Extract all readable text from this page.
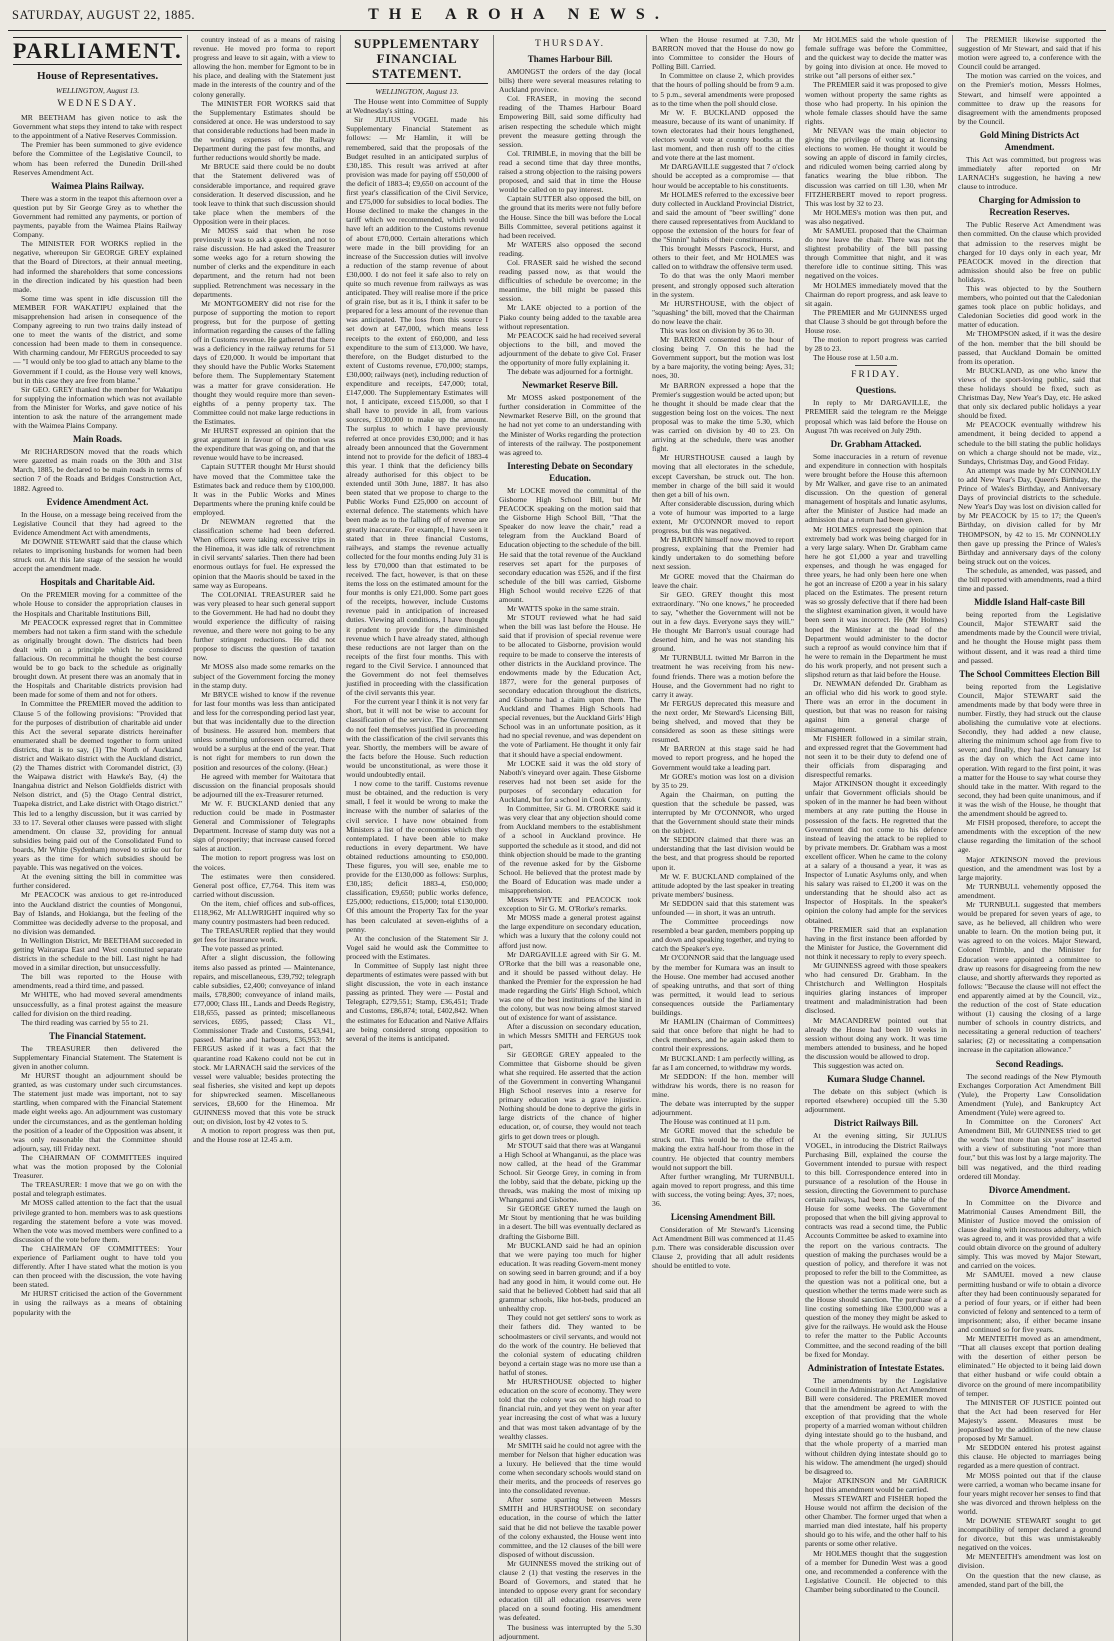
SATURDAY, AUGUST 22, 1885.	THE AROHA NEWS.
PARLIAMENT.
House of Representatives.
WELLINGTON, August 13.
WEDNESDAY.

MR BEETHAM has given notice to ask the Government what steps they intend to take with respect to the appointment of a Native Reserves Commission.

The Premier has been summoned to give evidence before the Committee of the Legislative Council, to whom has been referred the Dunedin Drill-shed Reserves Amendment Act.

Waimea Plains Railway.

There was a storm in the teapot this afternoon over a question put by Sir George Grey as to whether the Government had remitted any payments, or portion of payments, payable from the Waimea Plains Railway Company.

The MINISTER FOR WORKS replied in the negative, whereupon Sir GEORGE GREY explained that the Board of Directors, at their annual meeting, had informed the shareholders that some concessions in the direction indicated by his question had been made.

Some time was spent in idle discussion till the MEMBER FOR WAKATIPU explained that the misapprehension had arisen in consequence of the Company agreeing to run two trains daily instead of one to meet the wants of the district, and some concession had been made to them in consequence. With charming candour, Mr FERGUS proceeded to say — "I would only be too glad to attach any blame to the Government if I could, as the House very well knows, but in this case they are free from blame."

Sir GEO. GREY thanked the member for Wakatipu for supplying the information which was not available from the Minister for Works, and gave notice of his intention to ask the nature of the arrangement made with the Waimea Plains Company.

Main Roads.

Mr RICHARDSON moved that the roads which were gazetted as main roads on the 30th and 31st March, 1885, be declared to be main roads in terms of section 7 of the Roads and Bridges Construction Act, 1882. Agreed to.

Evidence Amendment Act.

In the House, on a message being received from the Legislative Council that they had agreed to the Evidence Amendment Act with amendments,

Mr DOWNIE STEWART said that the clause which relates to imprisoning husbands for women had been struck out. At this late stage of the session he would accept the amendment made.

Hospitals and Charitable Aid.

On the PREMIER moving for a committee of the whole House to consider the appropriation clauses in the Hospitals and Charitable Institutions Bill,

Mr PEACOCK expressed regret that in Committee members had not taken a firm stand with the schedule as originally brought down. The districts had been dealt with on a principle which he considered fallacious. On recommittal he thought the best course would be to go back to the schedule as originally brought down. At present there was an anomaly that in the Hospitals and Charitable districts provision had been made for some of them and not for others.

In Committee the PREMIER moved the addition to Clause 5 of the following provisions: "Provided that for the purposes of distribution of charitable aid under this Act the several separate districts hereinafter enumerated shall be deemed together to form united districts, that is to say, (1) The North of Auckland district and Waikato district with the Auckland district, (2) the Thames district with Coromandel district, (3) the Waipawa district with Hawke's Bay, (4) the Inangahua district and Nelson Goldfields district with Nelson district, and (5) the Otago Central district, Tuapeka district, and Lake district with Otago district." This led to a lengthy discussion, but it was carried by 33 to 17. Several other clauses were passed with slight amendment. On clause 32, providing for annual subsidies being paid out of the Consolidated Fund to boards, Mr White (Sydenham) moved to strike out for years as the time for which subsidies should be payable. This was negatived on the voices.

At the evening sitting the bill in committee was further considered.

Mr PEACOCK was anxious to get re-introduced into the Auckland district the counties of Mongonui, Bay of Islands, and Hokianga, but the feeling of the Committee was decidedly adverse to the proposal, and no division was demanded.

In Wellington District, Mr BEETHAM succeeded in getting Wairarapa East and West constituted separate districts in the schedule to the bill. Last night he had moved in a similar direction, but unsuccessfully.

The bill was reported to the House with amendments, read a third time, and passed.

Mr WHITE, who had moved several amendments unsuccessfully, as a final protest against the measure called for division on the third reading.

The third reading was carried by 55 to 21.

The Financial Statement.

The TREASURER then delivered the Supplementary Financial Statement. The Statement is given in another column.

Mr HURST thought an adjournment should be granted, as was customary under such circumstances. The statement just made was important, not to say startling, when compared with the Financial Statement made eight weeks ago. An adjournment was customary under the circumstances, and as the gentleman holding the position of a leader of the Opposition was absent, it was only reasonable that the Committee should adjourn, say, till Friday next.

The CHAIRMAN OF COMMITTEES inquired what was the motion proposed by the Colonial Treasurer.

The TREASURER: I move that we go on with the postal and telegraph estimates.

Mr MOSS called attention to the fact that the usual privilege granted to hon. members was to ask questions regarding the statement before a vote was moved. When the vote was moved members were confined to a discussion of the vote before them.

The CHAIRMAN OF COMMITTEES: Your experience of Parliament ought to have told you differently. After I have stated what the motion is you can then proceed with the discussion, the vote having been stated.

Mr HURST criticised the action of the Government in using the railways as a means of obtaining popularity with the

country instead of as a means of raising revenue. He moved pro forma to report progress and leave to sit again, with a view to allowing the hon. member for Egmont to be in his place, and dealing with the Statement just made in the interests of the country and of the colony generally.

The MINISTER FOR WORKS said that the Supplementary Estimates should be considered at once. He was understood to say that considerable reductions had been made in the working expenses of the Railway Department during the past few months, and further reductions would shortly be made.

Mr BRUCE said there could be no doubt that the Statement delivered was of considerable importance, and required grave consideration. It deserved discussion, and he took leave to think that such discussion should take place when the members of the Opposition were in their places.

Mr MOSS said that when he rose previously it was to ask a question, and not to raise discussion. He had asked the Treasurer some weeks ago for a return showing the number of clerks and the expenditure in each department, and the return had not been supplied. Retrenchment was necessary in the departments.

Mr MONTGOMERY did not rise for the purpose of supporting the motion to report progress, but for the purpose of getting information regarding the causes of the falling off in Customs revenue. He gathered that there was a deficiency in the railway returns for 51 days of £20,000. It would be important that they should have the Public Works Statement before them. The Supplementary Statement was a matter for grave consideration. He thought they would require more than seven-eighths of a penny property tax. The Committee could not make large reductions in the Estimates.

Mr HURST expressed an opinion that the great argument in favour of the motion was the expenditure that was going on, and that the revenue would have to be increased.

Captain SUTTER thought Mr Hurst should have moved that the Committee take the Estimates back and reduce them by £100,000. It was in the Public Works and Mines Departments where the pruning knife could be employed.

Dr NEWMAN regretted that the classification scheme had been deferred. When officers were taking excessive trips in the Hinemoa, it was idle talk of retrenchment in civil servants' salaries. Then there had been enormous outlays for fuel. He expressed the opinion that the Maoris should be taxed in the same way as Europeans.

The COLONIAL TREASURER said he was very pleased to hear such general support to the Government. He had had no doubt they would experience the difficulty of raising revenue, and there were not going to be any further stringent reductions. He did not propose to discuss the question of taxation now.

Mr MOSS also made some remarks on the subject of the Government forcing the money in the stamp duty.

Mr BRYCE wished to know if the revenue for last four months was less than anticipated and less for the corresponding period last year, but that was incidentally due to the direction of business. He assured hon. members that unless something unforeseen occurred, there would be a surplus at the end of the year. That is not right for members to run down the position and resources of the colony. (Hear.)

He agreed with member for Waitotara that discussion on the financial proposals should be adjourned till the ex-Treasurer returned.

Mr W. F. BUCKLAND denied that any reduction could be made in Postmaster General and Commissioner of Telegraphs Department. Increase of stamp duty was not a sign of prosperity; that increase caused forced sales at auction.

The motion to report progress was lost on the voices.

The estimates were then considered. General post office, £7,764. This item was carried without discussion.

On the item, chief offices and sub-offices, £118,962, Mr ALLWRIGHT inquired why so many country postmasters had been reduced.

The TREASURER replied that they would get fees for insurance work.

The vote passed as printed.

After a slight discussion, the following items also passed as printed — Maintenance, repairs, and miscellaneous, £39,792; telegraph cable subsidies, £2,400; conveyance of inland mails, £78,800; conveyance of inland mails, £77,000; Class III., Lands and Deeds Registry, £18,655, passed as printed; miscellaneous services, £695, passed; Class VI., Commissioner Trade and Customs, £43,941, passed. Marine and harbours, £36,953: Mr FERGUS asked if it was a fact that the quarantine road Kakeno could not be cut in stock. Mr LARNACH said the services of the vessel were valuable; besides protecting the seal fisheries, she visited and kept up depots for shipwrecked seamen. Miscellaneous services, £8,600 for the Hinemoa. Mr GUINNESS moved that this vote be struck out; on division, lost by 42 votes to 5.

A motion to report progress was then put, and the House rose at 12.45 a.m.

SUPPLEMENTARY FINANCIAL STATEMENT.
WELLINGTON, August 13.

The House went into Committee of Supply at Wednesday's sitting.

Sir JULIUS VOGEL made his Supplementary Financial Statement as follows: — Mr Hamlin, it will be remembered, said that the proposals of the Budget resulted in an anticipated surplus of £30,185. This result was arrived at after provision was made for paying off £50,000 of the deficit of 1883-4; £9,650 on account of the first year's classification of the Civil Service, and £75,000 for subsidies to local bodies. The House declined to make the changes in the tariff which we recommended, which would have left an addition to the Customs revenue of about £70,000. Certain alterations which were made in the bill providing for an increase of the Succession duties will involve a reduction of the stamp revenue of about £30,000. I do not feel it safe also to rely on quite so much revenue from railways as was anticipated. They will realise more if the price of grain rise, but as it is, I think it safer to be prepared for a less amount of the revenue than was anticipated. The loss from this source I set down at £47,000, which means less receipts to the extent of £60,000, and less expenditure to the sum of £13,000. We have, therefore, on the Budget disturbed to the extent of Customs revenue, £70,000; stamps, £30,000; railways (net), including reduction of expenditure and receipts, £47,000; total, £147,000. The Supplementary Estimates will not, I anticipate, exceed £15,000, so that I shall have to provide in all, from various sources, £130,000 to make up the amount. The surplus to which I have previously referred at once provides £30,000; and it has already been announced that the Government intend not to provide for the deficit of 1883-4 this year. I think that the deficiency bills already authorised for this object to be extended until 30th June, 1887. It has also been stated that we propose to charge to the Public Works Fund £25,000 on account of external defence. The statements which have been made as to the falling off of revenue are greatly inaccurate. For example, I have seen it stated that in three financial Customs, railways, and stamps the revenue actually collected for the four months ending July 31 is less by £70,000 than that estimated to be received. The fact, however, is that on these items the loss on the estimated amount for the four months is only £21,000. Some part goes of the receipts, however, include Customs revenue paid in anticipation of increased duties. Viewing all conditions, I have thought it prudent to provide for the diminished revenue which I have already stated, although these reductions are not larger than on the receipts of the first four months. This with regard to the Civil Service. I announced that the Government do not feel themselves justified in proceeding with the classification of the civil servants this year.

For the current year I think it is not very far short, but it will not be wise to account for classification of the service. The Government do not feel themselves justified in proceeding with the classification of the civil servants this year. Shortly, the members will be aware of the facts before the House. Such reduction would be unconstitutional, as were those it would undoubtedly entail.

I now come to the tariff. Customs revenue must be obtained, and the reduction is very small, I feel it would be wrong to make the increase with the number of salaries of the civil service. I have now obtained from Ministers a list of the economies which they contemplated. I have been able to make reductions in every department. We have obtained reductions amounting to £50,000. These figures, you will see, enable me to provide for the £130,000 as follows: Surplus, £30,185; deficit 1883-4, £50,000; classification, £9,650; public works defence, £25,000; reductions, £15,000; total £130,000. Of this amount the Property Tax for the year has been calculated at seven-eighths of a penny.

At the conclusion of the Statement Sir J. Vogel said he would ask the Committee to proceed with the Estimates.

In Committee of Supply last night three departments of estimates were passed with but slight discussion, the vote in each instance passing as printed. They were — Postal and Telegraph, £279,551; Stamp, £36,451; Trade and Customs, £86,874; total, £402,842. When the estimates for Education and Native Affairs are being considered strong opposition to several of the items is anticipated.

THURSDAY.
Thames Harbour Bill.

AMONGST the orders of the day (local bills) there were several measures relating to Auckland province.

Col. FRASER, in moving the second reading of the Thames Harbour Board Empowering Bill, said some difficulty had arisen respecting the schedule which might prevent the measure getting through the session.

Col. TRIMBLE, in moving that the bill be read a second time that day three months, raised a strong objection to the raising powers proposed, and said that in time the House would be called on to pay interest.

Captain SUTTER also opposed the bill, on the ground that its merits were not fully before the House. Since the bill was before the Local Bills Committee, several petitions against it had been received.

Mr WATERS also opposed the second reading.

Col. FRASER said he wished the second reading passed now, as that would the difficulties of schedule be overcome; in the meantime, the bill might be passed this session.

Mr LAKE objected to a portion of the Piako county being added to the taxable area without representation.

Mr PEACOCK said he had received several objections to the bill, and moved the adjournment of the debate to give Col. Fraser the opportunity of more fully explaining it.

The debate was adjourned for a fortnight.

Newmarket Reserve Bill.

Mr MOSS asked postponement of the further consideration in Committee of the Newmarket Reserve Bill, on the ground that he had not yet come to an understanding with the Minister of Works regarding the protection of interests of the railway. The postponement was agreed to.

Interesting Debate on Secondary Education.

Mr LOCKE moved the committal of the Gisborne High School Bill, but Mr PEACOCK speaking on the motion said that the Gisborne High School Bill, "That the Speaker do now leave the chair," read a telegram from the Auckland Board of Education objecting to the schedule of the bill. He said that the total revenue of the Auckland reserves set apart for the purposes of secondary education was £526, and if the first schedule of the bill was carried, Gisborne High School would receive £226 of that amount.

Mr WATTS spoke in the same strain.

Mr STOUT reviewed what he had said when the bill was last before the House. He said that if provision of special revenue were to be allocated to Gisborne, provision would require to be made to conserve the interests of other districts in the Auckland province. The endowments made by the Education Act, 1877, were for the general purposes of secondary education throughout the districts, and Gisborne had a claim upon them. The Auckland and Thames High Schools had special revenues, but the Auckland Girls' High School was in an unfortunate position, as it had no special revenue, and was dependent on the vote of Parliament. He thought it only fair that it should have a special endowment.

Mr LOCKE said it was the old story of Naboth's vineyard over again. These Gisborne reserves had not been set aside for the purposes of secondary education for Auckland, but for a school in Cook County.

In Committee, Sir G. M. O'RORKE said it was very clear that any objection should come from Auckland members to the establishment of a school in Auckland province. He supported the schedule as it stood, and did not think objection should be made to the granting of the revenue asked for by the Gisborne School. He believed that the protest made by the Board of Education was made under a misapprehension.

Messrs WHYTE and PEACOCK took exception to Sir G. M. O'Rorke's remarks.

Mr MOSS made a general protest against the large expenditure on secondary education, which was a luxury that the colony could not afford just now.

Mr DARGAVILLE agreed with Sir G. M. O'Rorke that the bill was a reasonable one, and it should be passed without delay. He thanked the Premier for the expression he had made regarding the Girls' High School, which was one of the best institutions of the kind in the colony, but was now being almost starved out of existence for want of assistance.

After a discussion on secondary education, in which Messrs SMITH and FERGUS took part,

Sir GEORGE GREY appealed to the Committee that Gisborne should be given what she required. He asserted that the action of the Government in converting Whanganui High School reserves into a reserve for primary education was a grave injustice. Nothing should be done to deprive the girls in large districts of the chance of higher education, or, of course, they would not teach girls to get down trees or plough.

Mr STOUT said that there was at Wanganui a High School at Whanganui, as the place was now called, at the head of the Grammar School. Sir George Grey, in coming in from the lobby, said that the debate, picking up the threads, was making the most of mixing up Whanganui and Gisborne.

Sir GEORGE GREY turned the laugh on Mr Stout by mentioning that he was building in a desert. The bill was eventually declared as drafting the Gisborne Bill.

Mr BUCKLAND said he had an opinion that we were paying too much for higher education. It was reading Govern-ment money on sowing seed in barren ground; and if a boy had any good in him, it would come out. He said that he believed Cobbett had said that all grammar schools, like hot-beds, produced an unhealthy crop.

They could not get settlers' sons to work as their fathers did. They wanted to be schoolmasters or civil servants, and would not do the work of the country. He believed that the colonial system of educating children beyond a certain stage was no more use than a hatful of stones.

Mr HURSTHOUSE objected to higher education on the score of economy. They were told that the colony was on the high road to financial ruin, and yet they went on year after year increasing the cost of what was a luxury and that was most taken advantage of by the wealthy classes.

Mr SMITH said he could not agree with the member for Nelson that higher education was a luxury. He believed that the time would come when secondary schools would stand on their merits, and the proceeds of reserves go into the consolidated revenue.

After some sparring between Messrs SMITH and HURSTHOUSE on secondary education, in the course of which the latter said that he did not believe the taxable power of the colony exhausted, the House went into committee, and the 12 clauses of the bill were disposed of without discussion.

Mr GUINNESS moved the striking out of clause 2 (1) that vesting the reserves in the Board of Governors, and stated that he intended to oppose every grant for secondary education till all education reserves were placed on a sound footing. His amendment was defeated.

The business was interrupted by the 5.30 adjournment.

When the House resumed at 7.30, Mr BARRON moved that the House do now go into Committee to consider the Hours of Polling Bill. Carried.

In Committee on clause 2, which provides that the hours of polling should be from 9 a.m. to 5 p.m., several amendments were proposed as to the time when the poll should close.

Mr W. F. BUCKLAND opposed the measure, because of its want of unanimity. If town electorates had their hours lengthened, electors would vote at country booths at the last moment, and then rush off to the cities and vote there at the last moment.

Mr DARGAVILLE suggested that 7 o'clock should be accepted as a compromise — that hour would be acceptable to his constituents.

Mr HOLMES referred to the excessive beer duty collected in Auckland Provincial District, and said the amount of "beer swilling" done there caused representatives from Auckland to oppose the extension of the hours for fear of the "Sinnin" habits of their constituents.

This brought Messrs Pascock, Hurst, and others to their feet, and Mr HOLMES was called on to withdraw the offensive term used.

To do that was the only Maori member present, and strongly opposed such alteration in the system.

Mr HURSTHOUSE, with the object of "squashing" the bill, moved that the Chairman do now leave the chair.

This was lost on division by 36 to 30.

Mr BARRON consented to the hour of closing being 7. On this he had the Government support, but the motion was lost by a bare majority, the voting being: Ayes, 31; noes, 30.

Mr BARRON expressed a hope that the Premier's suggestion would be acted upon; but he thought it should be made clear that the suggestion being lost on the voices. The next proposal was to make the time 5.30, which was carried on division by 40 to 23. On arriving at the schedule, there was another fight.

Mr HURSTHOUSE caused a laugh by moving that all electorates in the schedule, except Cavershan, be struck out. The hon. member in charge of the bill said it would then get a bill of his own.

After considerable discussion, during which a vote of humour was imported to a large extent, Mr O'CONNOR moved to report progress, but this was negatived.

Mr BARRON himself now moved to report progress, explaining that the Premier had kindly undertaken to do something before next session.

Mr GORE moved that the Chairman do leave the chair.

Sir GEO. GREY thought this most extraordinary. "No one knows," he proceeded to say, "whether the Government will not be out in a few days. Everyone says they will." He thought Mr Barron's usual courage had deserted him, and he was not standing his ground.

Mr TURNBULL twitted Mr Barron in the treatment he was receiving from his new-found friends. There was a motion before the House, and the Government had no right to carry it away.

Mr FERGUS deprecated this measure and the next order, Mr Steward's Licensing Bill, being shelved, and moved that they be considered as soon as these sittings were resumed.

Mr BARRON at this stage said he had moved to report progress, and he hoped the Government would take a leading part.

Mr GORE's motion was lost on a division by 35 to 29.

Again the Chairman, on putting the question that the schedule be passed, was interrupted by Mr O'CONNOR, who urged that the Government should state their minds on the subject.

Mr SEDDON claimed that there was an understanding that the last division would be the best, and that progress should be reported upon it.

Mr W. F. BUCKLAND complained of the attitude adopted by the last speaker in treating private members' business.

Mr SEDDON said that this statement was unfounded — in short, it was an untruth.

The Committee proceedings now resembled a bear garden, members popping up and down and speaking together, and trying to catch the Speaker's eye.

Mr O'CONNOR said that the language used by the member for Kumara was an insult to the House. One member had accused another of speaking untruths, and that sort of thing was permitted, it would lead to serious consequences outside the Parliamentary buildings.

Mr HAMLIN (Chairman of Committees) said that once before that night he had to check members, and he again asked them to control their expressions.

Mr BUCKLAND: I am perfectly willing, as far as I am concerned, to withdraw my words.

Mr SEDDON: If the hon. member will withdraw his words, there is no reason for mine.

The debate was interrupted by the supper adjournment.

The House was continued at 11 p.m.

Mr GORE moved that the schedule be struck out. This would be to the effect of making the extra half-hour from those in the country. He objected that country members would not support the bill.

After further wrangling, Mr TURNBULL again moved to report progress, and this time with success, the voting being: Ayes, 37; noes, 36.

Licensing Amendment Bill.

Consideration of Mr Steward's Licensing Act Amendment Bill was commenced at 11.45 p.m. There was considerable discussion over Clause 2, providing that all adult residents should be entitled to vote.

Mr HOLMES said the whole question of female suffrage was before the Committee, and the quickest way to decide the matter was by going into division at once. He moved to strike out "all persons of either sex."

The PREMIER said it was proposed to give women without property the same rights as those who had property. In his opinion the whole female classes should have the same rights.

Mr NEVAN was the main objector to giving the privilege of voting at licensing elections to women. He thought it would be sowing an apple of discord in family circles, and ridiculed women being carried along by fanatics wearing the blue ribbon. The discussion was carried on till 1.30, when Mr FITZHERBERT moved to report progress. This was lost by 32 to 23.

Mr HOLMES's motion was then put, and was also negatived.

Mr SAMUEL proposed that the Chairman do now leave the chair. There was not the slightest probability of the bill passing through Committee that night, and it was therefore idle to continue sitting. This was negatived on the voices.

Mr HOLMES immediately moved that the Chairman do report progress, and ask leave to sit again.

The PREMIER and Mr GUINNESS urged that Clause 3 should be got through before the House rose.

The motion to report progress was carried by 28 to 23.

The House rose at 1.50 a.m.

FRIDAY.
Questions.

In reply to Mr DARGAVILLE, the PREMIER said the telegram re the Meigge proposal which was laid before the House on August 7th was received on July 29th.

Dr. Grabham Attacked.

Some inaccuracies in a return of revenue and expenditure in connection with hospitals were brought before the House this afternoon by Mr Walker, and gave rise to an animated discussion. On the question of general management of hospitals and lunatic asylums, after the Minister of Justice had made an admission that a return had been given.

Mr HOLMES expressed the opinion that extremely bad work was being charged for in a very large salary. When Dr. Grabham came here he got £1,000 a year and travelling expenses, and though he was engaged for three years, he had only been here one when he got an increase of £200 a year in his salary placed on the Estimates. The present return was so grossly defective that if there had been the slightest examination given, it would have been seen it was incorrect. He (Mr Holmes) hoped the Minister at the head of the Department would administer to the doctor such a reproof as would convince him that if he were to remain in the Department he must do his work properly, and not present such a slipshod return as that laid before the House.

Dr. NEWMAN defended Dr. Grabham as an official who did his work to good style. There was an error in the document in question, but that was no reason for raising against him a general charge of mismanagement.

Mr FISHER followed in a similar strain, and expressed regret that the Government had not seen it to be their duty to defend one of their officials from disparaging and disrespectful remarks.

Major ATKINSON thought it exceedingly unfair that Government officials should be spoken of in the manner he had been without members at any rate putting the House in possession of the facts. He regretted that the Government did not come to his defence instead of leaving the attack to be replied to by private members. Dr. Grabham was a most excellent officer. When he came to the colony at a salary of a thousand a year, it was as Inspector of Lunatic Asylums only, and when his salary was raised to £1,200 it was on the understanding that he should also act as Inspector of Hospitals. In the speaker's opinion the colony had ample for the services obtained.

The PREMIER said that an explanation having in the first instance been afforded by the Minister for Justice, the Government did not think it necessary to reply to every speech.

Mr GUINNESS agreed with those speakers who had censured Dr. Grabham. In the Christchurch and Wellington Hospitals inquiries glaring instances of improper treatment and maladministration had been disclosed.

Mr MACANDREW pointed out that already the House had been 10 weeks in session without doing any work. It was time members attended to business, and he hoped the discussion would be allowed to drop.

This suggestion was acted on.

Kumara Sludge Channel.

The debate on this subject (which is reported elsewhere) occupied till the 5.30 adjournment.

District Railways Bill.

At the evening sitting, Sir JULIUS VOGEL, in introducing the District Railways Purchasing Bill, explained the course the Government intended to pursue with respect to this bill. Correspondence entered into in pursuance of a resolution of the House in session, directing the Government to purchase certain railways, had been on the table of the House for some weeks. The Government proposed that when the bill giving approval to contracts was read a second time, the Public Accounts Committee be asked to examine into the report on the various contracts. The question of making the purchases would be a question of policy, and therefore it was not proposed to refer the bill to the Committee, as the question was not a political one, but a question whether the terms made were such as the House should sanction. The purchase of a line costing something like £300,000 was a question of the money they might be asked to give for the railways. He would ask the House to refer the matter to the Public Accounts Committee, and the second reading of the bill be fixed for Monday.

Administration of Intestate Estates.

The amendments by the Legislative Council in the Administration Act Amendment Bill were considered. The PREMIER moved that the amendment be agreed to with the exception of that providing that the whole property of a married woman without children dying intestate should go to the husband, and that the whole property of a married man without children dying intestate should go to his widow. The amendment (he urged) should be disagreed to.

Major ATKINSON and Mr GARRICK hoped this amendment would be carried.

Messrs STEWART and FISHER hoped the House would not affirm the decision of the other Chamber. The former urged that when a married man died intestate, half his property should go to his wife, and the other half to his parents or some other relative.

Mr HOLMES thought that the suggestion of a member for Dunedin West was a good one, and recommended a conference with the Legislative Council. He objected to this Chamber being subordinated to the Council.

The PREMIER likewise supported the suggestion of Mr Stewart, and said that if his motion were agreed to, a conference with the Council could be arranged.

The motion was carried on the voices, and on the Premier's motion, Messrs Holmes, Stewart, and himself were appointed a committee to draw up the reasons for disagreement with the amendments proposed by the Council.

Gold Mining Districts Act Amendment.

This Act was committed, but progress was immediately after reported on Mr LARNACH's suggestion, he having a new clause to introduce.

Charging for Admission to Recreation Reserves.

The Public Reserve Act Amendment was then committed. On the clause which provided that admission to the reserves might be charged for 10 days only in each year, Mr PEACOCK moved in the direction that admission should also be free on public holidays.

This was objected to by the Southern members, who pointed out that the Caledonian games took place on public holidays, and Caledonian Societies did good work in the matter of education.

Mr THOMPSON asked, if it was the desire of the hon. member that the bill should be passed, that Auckland Domain be omitted from its operation.

Mr BUCKLAND, as one who knew the views of the sport-loving public, said that these holidays should be fixed, such as Christmas Day, New Year's Day, etc. He asked that only six declared public holidays a year should be fixed.

Mr PEACOCK eventually withdrew his amendment, it being decided to append a schedule to the bill stating the public holidays on which a charge should not be made, viz., Sundays, Christmas Day, and Good Friday.

An attempt was made by Mr CONNOLLY to add New Year's Day, Queen's Birthday, the Prince of Wales's Birthday, and Anniversary Days of provincial districts to the schedule. New Year's Day was lost on division called for by Mr PEACOCK by 15 to 17; the Queen's Birthday, on division called for by Mr THOMPSON, by 42 to 15. Mr CONNOLLY then gave up pressing the Prince of Wales's Birthday and anniversary days of the colony being struck out on the voices.

The schedule, as amended, was passed, and the bill reported with amendments, read a third time and passed.

Middle Island Half-caste Bill

being reported from the Legislative Council, Major STEWART said the amendments made by the Council were trivial, and he thought the House might pass them without dissent, and it was read a third time and passed.

The School Committees Election Bill

being reported from the Legislative Council, Major STEWART said the amendments made by that body were three in number. Firstly, they had struck out the clause abolishing the cumulative vote at elections. Secondly, they had added a new clause, altering the minimum school age from five to seven; and finally, they had fixed January 1st as the day on which the Act came into operation. With regard to the first point, it was a matter for the House to say what course they should take in the matter. With regard to the second, they had been quite unanimous, and if it was the wish of the House, he thought that the amendment should be agreed to.

Mr FISH proposed, therefore, to accept the amendments with the exception of the new clause regarding the limitation of the school age.

Major ATKINSON moved the previous question, and the amendment was lost by a large majority.

Mr TURNBULL vehemently opposed the amendment.

Mr TURNBULL suggested that members would be prepared for seven years of age, to save, as he believed, all children who were unable to learn. On the motion being put, it was agreed to on the voices. Major Steward, Colonel Trimble, and the Minister for Education were appointed a committee to draw up reasons for disagreeing from the new clause, and shortly afterwards they reported as follows: "Because the clause will not effect the end apparently aimed at by the Council, viz., the reduction of the cost of State education without (1) causing the closing of a large number of schools in country districts, and necessitating a general reduction of teachers' salaries; (2) or necessitating a compensation increase in the capitation allowance."

Second Readings.

The second readings of the New Plymouth Exchanges Corporation Act Amendment Bill (Yule), the Property Law Consolidation Amendment (Yule), and Bankruptcy Act Amendment (Yule) were agreed to.

In Committee on the Coroners' Act Amendment Bill, Mr GUINNESS tried to get the words "not more than six years" inserted with a view of substituting "not more than four," but this was lost by a large majority. The bill was negatived, and the third reading ordered till Monday.

Divorce Amendment.

In Committee on the Divorce and Matrimonial Causes Amendment Bill, the Minister of Justice moved the omission of clause dealing with incestuous adultery, which was agreed to, and it was provided that a wife could obtain divorce on the ground of adultery simply. This was moved by Major Stewart, and carried on the voices.

Mr SAMUEL moved a new clause permitting husband or wife to obtain a divorce after they had been continuously separated for a period of four years, or if either had been convicted of felony and sentenced to a term of imprisonment; also, if either became insane and continued so for five years.

Mr MENTEITH moved as an amendment, "That all clauses except that portion dealing with the desertion of either person be eliminated." He objected to it being laid down that either husband or wife could obtain a divorce on the ground of mere incompatibility of temper.

The MINISTER OF JUSTICE pointed out that the Act had been reserved for Her Majesty's assent. Measures must be jeopardised by the addition of the new clause proposed by Mr Samuel.

Mr SEDDON entered his protest against this clause. He objected to marriages being regarded as a mere question of contract.

Mr MOSS pointed out that if the clause were carried, a woman who became insane for four years might recover her senses to find that she was divorced and thrown helpless on the world.

Mr DOWNIE STEWART sought to get incompatibility of temper declared a ground for divorce, but this was unmistakeably negatived on the voices.

Mr MENTEITH's amendment was lost on division.

On the question that the new clause, as amended, stand part of the bill, the
